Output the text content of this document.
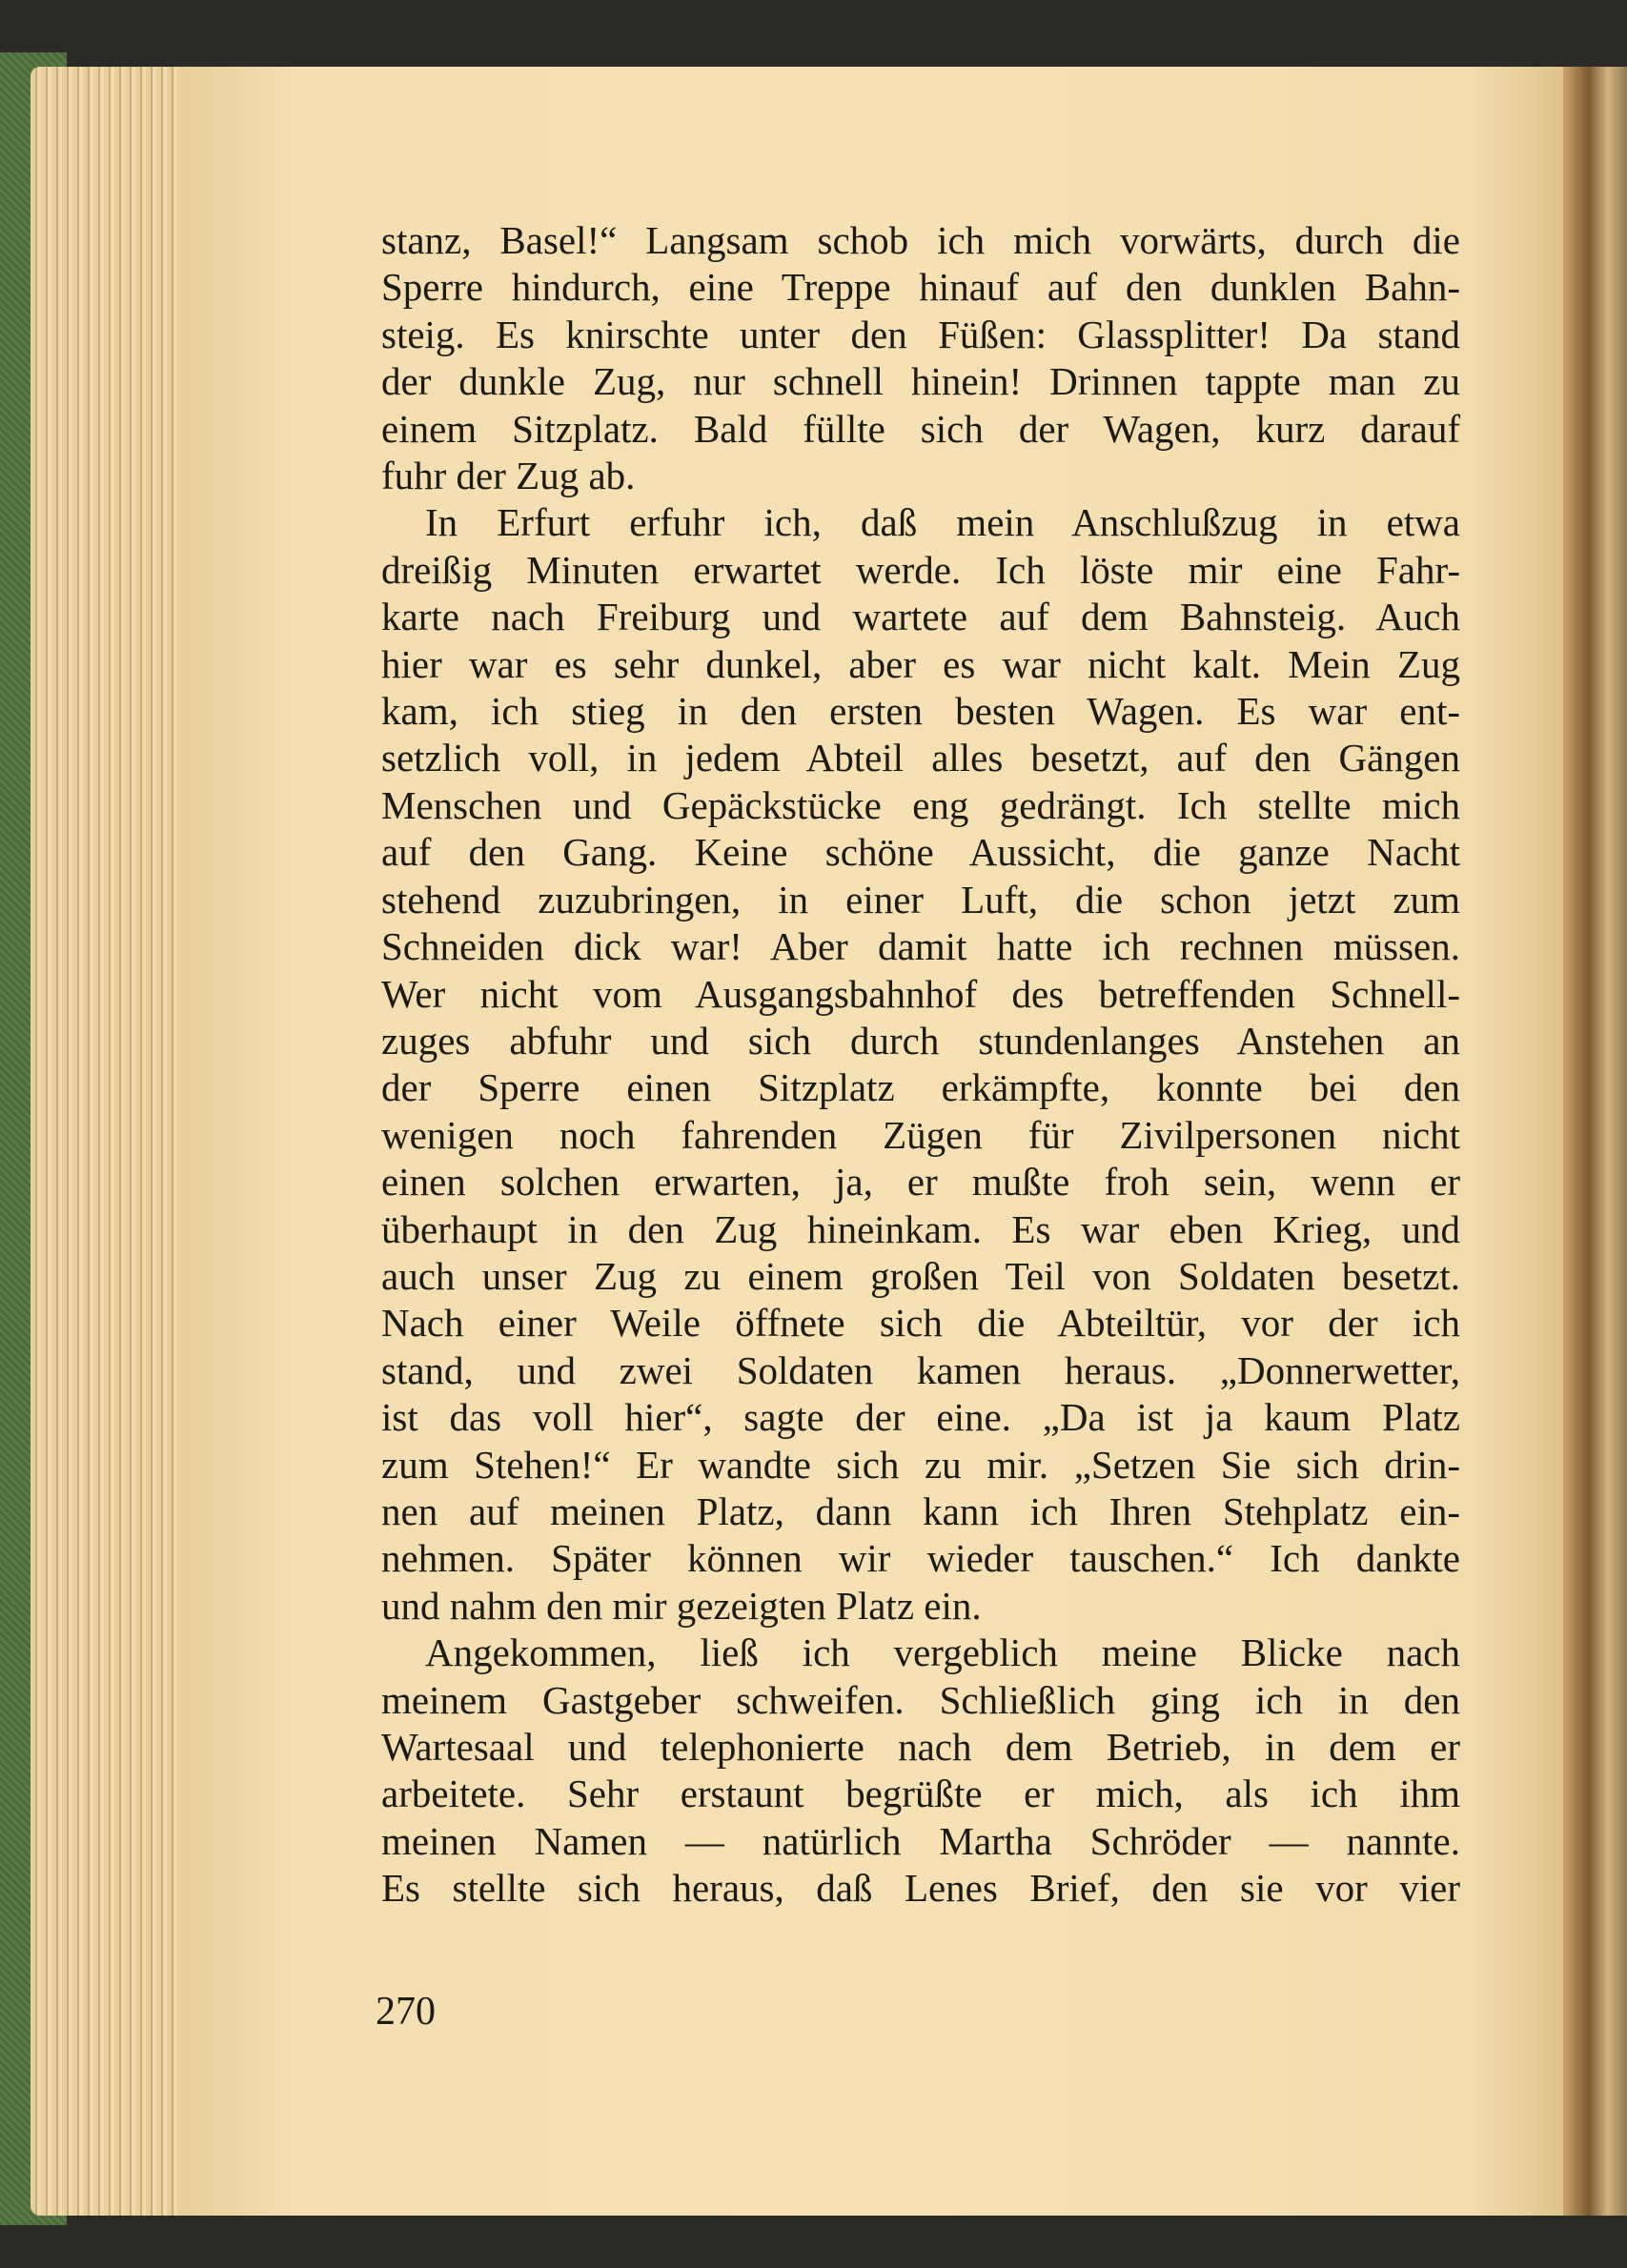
stanz, Basel!“ Langsam schob ich mich vorwärts, durch die
Sperre hindurch, eine Treppe hinauf auf den dunklen Bahn-
steig. Es knirschte unter den Füßen: Glassplitter! Da stand
der dunkle Zug, nur schnell hinein! Drinnen tappte man zu
einem Sitzplatz. Bald füllte sich der Wagen, kurz darauf
fuhr der Zug ab.
In Erfurt erfuhr ich, daß mein Anschlußzug in etwa
dreißig Minuten erwartet werde. Ich löste mir eine Fahr-
karte nach Freiburg und wartete auf dem Bahnsteig. Auch
hier war es sehr dunkel, aber es war nicht kalt. Mein Zug
kam, ich stieg in den ersten besten Wagen. Es war ent-
setzlich voll, in jedem Abteil alles besetzt, auf den Gängen
Menschen und Gepäckstücke eng gedrängt. Ich stellte mich
auf den Gang. Keine schöne Aussicht, die ganze Nacht
stehend zuzubringen, in einer Luft, die schon jetzt zum
Schneiden dick war! Aber damit hatte ich rechnen müssen.
Wer nicht vom Ausgangsbahnhof des betreffenden Schnell-
zuges abfuhr und sich durch stundenlanges Anstehen an
der Sperre einen Sitzplatz erkämpfte, konnte bei den
wenigen noch fahrenden Zügen für Zivilpersonen nicht
einen solchen erwarten, ja, er mußte froh sein, wenn er
überhaupt in den Zug hineinkam. Es war eben Krieg, und
auch unser Zug zu einem großen Teil von Soldaten besetzt.
Nach einer Weile öffnete sich die Abteiltür, vor der ich
stand, und zwei Soldaten kamen heraus. „Donnerwetter,
ist das voll hier“, sagte der eine. „Da ist ja kaum Platz
zum Stehen!“ Er wandte sich zu mir. „Setzen Sie sich drin-
nen auf meinen Platz, dann kann ich Ihren Stehplatz ein-
nehmen. Später können wir wieder tauschen.“ Ich dankte
und nahm den mir gezeigten Platz ein.
Angekommen, ließ ich vergeblich meine Blicke nach
meinem Gastgeber schweifen. Schließlich ging ich in den
Wartesaal und telephonierte nach dem Betrieb, in dem er
arbeitete. Sehr erstaunt begrüßte er mich, als ich ihm
meinen Namen — natürlich Martha Schröder — nannte.
Es stellte sich heraus, daß Lenes Brief, den sie vor vier
270
